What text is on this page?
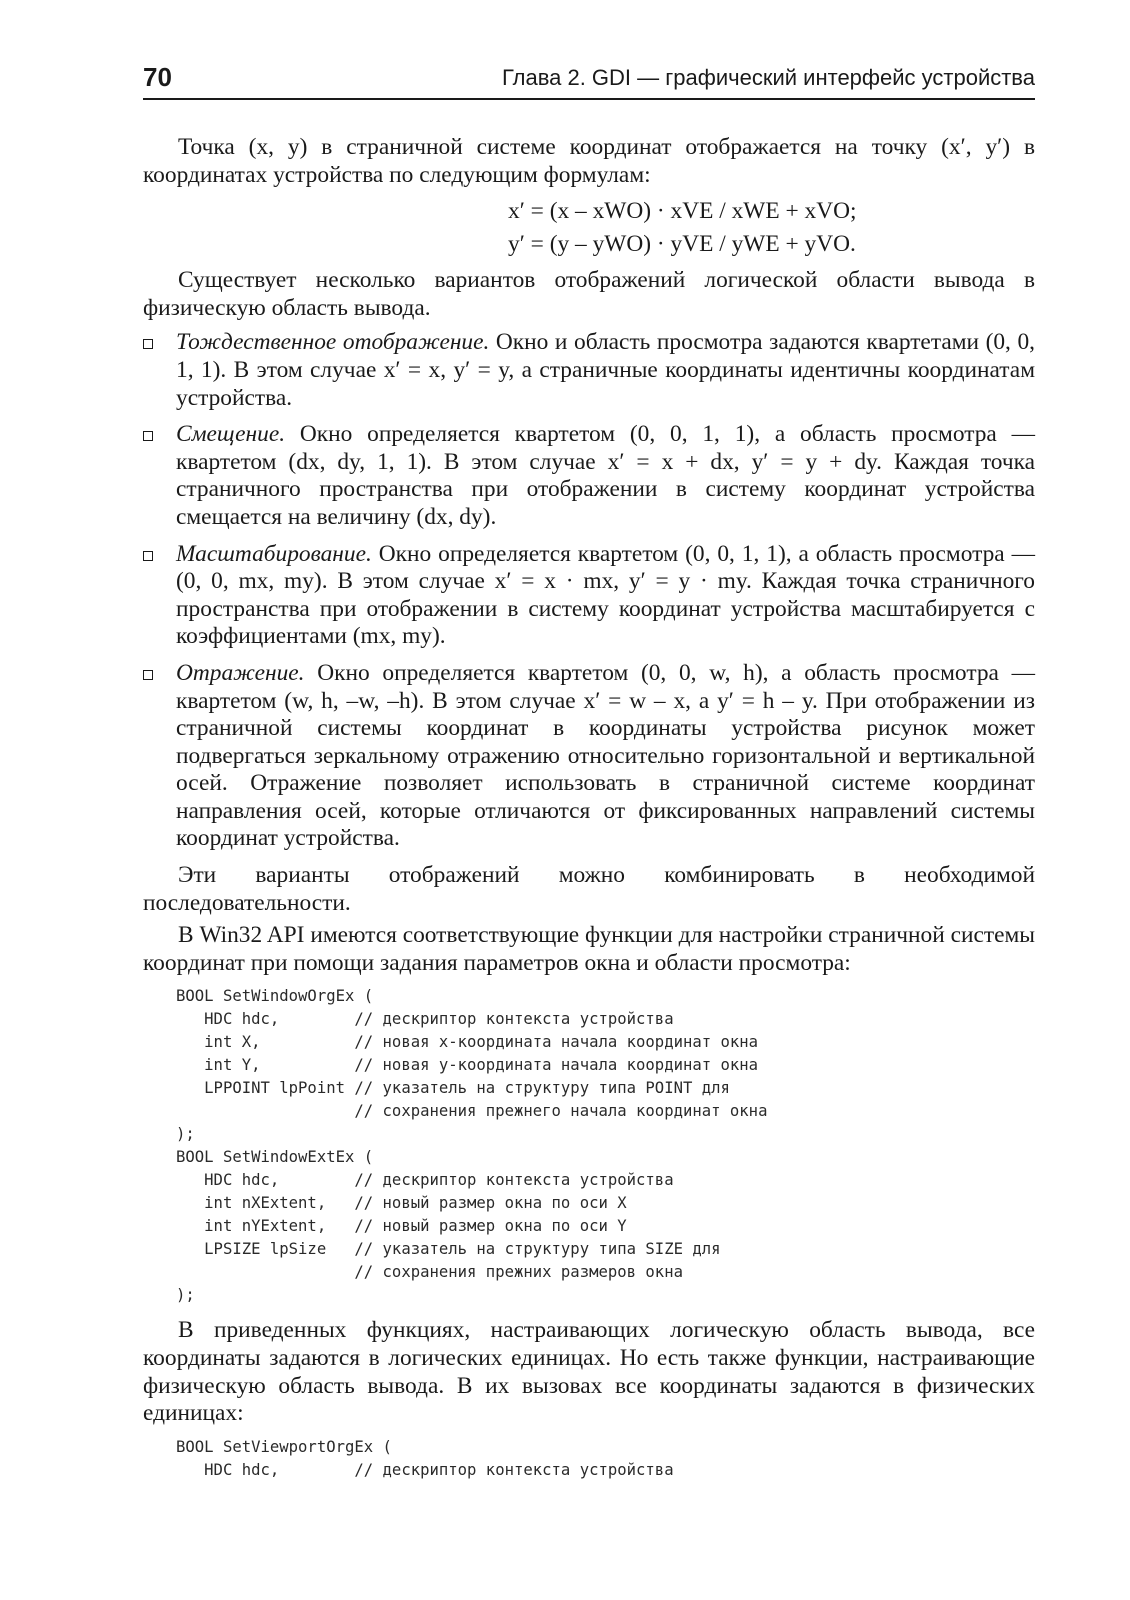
70	Глава 2. GDI — графический интерфейс устройства

Точка (x, y) в страничной системе координат отображается на точку (x′, y′) в координатах устройства по следующим формулам:

x′ = (x – xWO) · xVE / xWE + xVO;
y′ = (y – yWO) · yVE / yWE + yVO.

Существует несколько вариантов отображений логической области вывода в физическую область вывода.

Тождественное отображение. Окно и область просмотра задаются квартетами (0, 0, 1, 1). В этом случае x′ = x, y′ = y, а страничные координаты идентичны координатам устройства.
Смещение. Окно определяется квартетом (0, 0, 1, 1), а область просмотра — квартетом (dx, dy, 1, 1). В этом случае x′ = x + dx, y′ = y + dy. Каждая точка страничного пространства при отображении в систему координат устройства смещается на величину (dx, dy).
Масштабирование. Окно определяется квартетом (0, 0, 1, 1), а область просмотра — (0, 0, mx, my). В этом случае x′ = x · mx, y′ = y · my. Каждая точка страничного пространства при отображении в систему координат устройства масштабируется с коэффициентами (mx, my).
Отражение. Окно определяется квартетом (0, 0, w, h), а область просмотра — квартетом (w, h, –w, –h). В этом случае x′ = w – x, а y′ = h – y. При отображении из страничной системы координат в координаты устройства рисунок может подвергаться зеркальному отражению относительно горизонтальной и вертикальной осей. Отражение позволяет использовать в страничной системе координат направления осей, которые отличаются от фиксированных направлений системы координат устройства.

Эти варианты отображений можно комбинировать в необходимой последовательности.

В Win32 API имеются соответствующие функции для настройки страничной системы координат при помощи задания параметров окна и области просмотра:

BOOL SetWindowOrgEx (
HDC hdc,        // дескриптор контекста устройства
int X,          // новая x-координата начала координат окна
int Y,          // новая y-координата начала координат окна
LPPOINT lpPoint // указатель на структуру типа POINT для
// сохранения прежнего начала координат окна
);
BOOL SetWindowExtEx (
HDC hdc,        // дескриптор контекста устройства
int nXExtent,   // новый размер окна по оси X
int nYExtent,   // новый размер окна по оси Y
LPSIZE lpSize   // указатель на структуру типа SIZE для
// сохранения прежних размеров окна
);

В приведенных функциях, настраивающих логическую область вывода, все координаты задаются в логических единицах. Но есть также функции, настраивающие физическую область вывода. В их вызовах все координаты задаются в физических единицах:

BOOL SetViewportOrgEx (
HDC hdc,        // дескриптор контекста устройства
